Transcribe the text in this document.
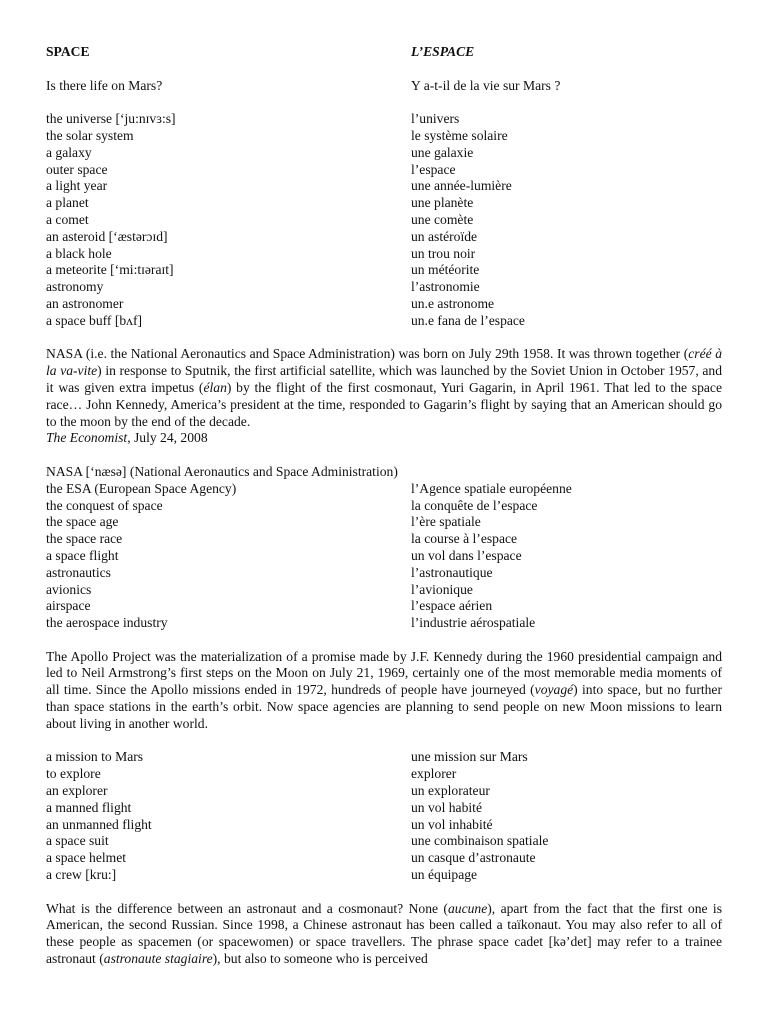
SPACE	L’ESPACE
Is there life on Mars?	Y a-t-il de la vie sur Mars ?
the universe [‘ju:nɪvɜ:s]	l’univers
the solar system	le système solaire
a galaxy	une galaxie
outer space	l’espace
a light year	une année-lumière
a planet	une planète
a comet	une comète
an asteroid [‘æstərɔɪd]	un astéroïde
a black hole	un trou noir
a meteorite [‘mi:tɪəraɪt]	un météorite
astronomy	l’astronomie
an astronomer	un.e astronome
a space buff [bʌf]	un.e fana de l’espace

NASA (i.e. the National Aeronautics and Space Administration) was born on July 29th 1958. It was thrown together (créé à la va-vite) in response to Sputnik, the first artificial satellite, which was launched by the Soviet Union in October 1957, and it was given extra impetus (élan) by the flight of the first cosmonaut, Yuri Gagarin, in April 1961. That led to the space race… John Kennedy, America’s president at the time, responded to Gagarin’s flight by saying that an American should go to the moon by the end of the decade.
The Economist, July 24, 2008

NASA [‘næsə] (National Aeronautics and Space Administration)
the ESA (European Space Agency)	l’Agence spatiale européenne
the conquest of space	la conquête de l’espace
the space age	l’ère spatiale
the space race	la course à l’espace
a space flight	un vol dans l’espace
astronautics	l’astronautique
avionics	l’avionique
airspace	l’espace aérien
the aerospace industry	l’industrie aérospatiale

The Apollo Project was the materialization of a promise made by J.F. Kennedy during the 1960 presidential campaign and led to Neil Armstrong’s first steps on the Moon on July 21, 1969, certainly one of the most memorable media moments of all time. Since the Apollo missions ended in 1972, hundreds of people have journeyed (voyagé) into space, but no further than space stations in the earth’s orbit. Now space agencies are planning to send people on new Moon missions to learn about living in another world.

a mission to Mars	une mission sur Mars
to explore	explorer
an explorer	un explorateur
a manned flight	un vol habité
an unmanned flight	un vol inhabité
a space suit	une combinaison spatiale
a space helmet	un casque d’astronaute
a crew [kru:]	un équipage

What is the difference between an astronaut and a cosmonaut? None (aucune), apart from the fact that the first one is American, the second Russian. Since 1998, a Chinese astronaut has been called a taïkonaut. You may also refer to all of these people as spacemen (or spacewomen) or space travellers. The phrase space cadet [kə’det] may refer to a trainee astronaut (astronaute stagiaire), but also to someone who is perceived
